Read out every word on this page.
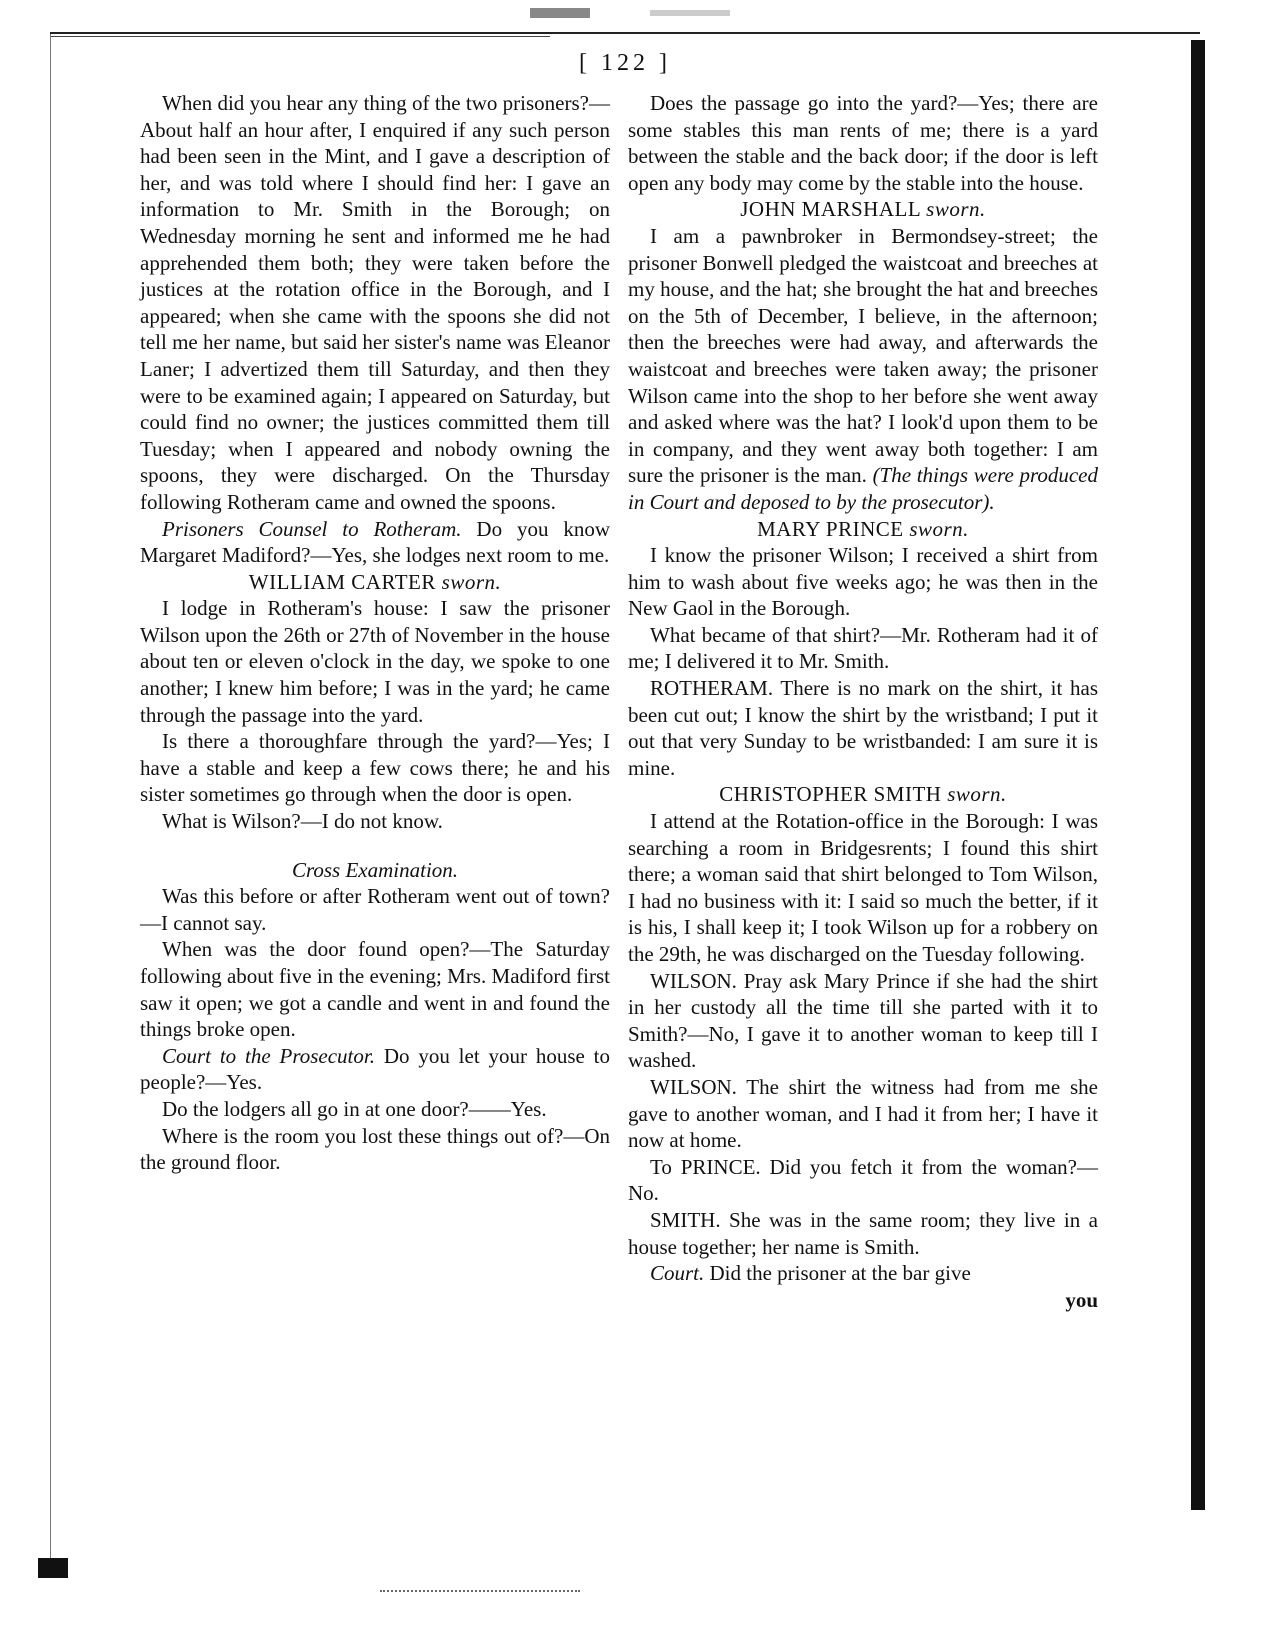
[ 122 ]

When did you hear any thing of the two prisoners?—About half an hour after, I enquired if any such person had been seen in the Mint, and I gave a description of her, and was told where I should find her: I gave an information to Mr. Smith in the Borough; on Wednesday morning he sent and informed me he had apprehended them both; they were taken before the justices at the rotation office in the Borough, and I appeared; when she came with the spoons she did not tell me her name, but said her sister's name was Eleanor Laner; I advertized them till Saturday, and then they were to be examined again; I appeared on Saturday, but could find no owner; the justices committed them till Tuesday; when I appeared and nobody owning the spoons, they were discharged. On the Thursday following Rotheram came and owned the spoons.

Prisoners Counsel to Rotheram. Do you know Margaret Madiford?—Yes, she lodges next room to me.

WILLIAM CARTER sworn.

I lodge in Rotheram's house: I saw the prisoner Wilson upon the 26th or 27th of November in the house about ten or eleven o'clock in the day, we spoke to one another; I knew him before; I was in the yard; he came through the passage into the yard.

Is there a thoroughfare through the yard?—Yes; I have a stable and keep a few cows there; he and his sister sometimes go through when the door is open.

What is Wilson?—I do not know.

Cross Examination.

Was this before or after Rotheram went out of town?—I cannot say.

When was the door found open?—The Saturday following about five in the evening; Mrs. Madiford first saw it open; we got a candle and went in and found the things broke open.

Court to the Prosecutor. Do you let your house to people?—Yes.

Do the lodgers all go in at one door?——Yes.

Where is the room you lost these things out of?—On the ground floor.

Does the passage go into the yard?—Yes; there are some stables this man rents of me; there is a yard between the stable and the back door; if the door is left open any body may come by the stable into the house.

JOHN MARSHALL sworn.

I am a pawnbroker in Bermondsey-street; the prisoner Bonwell pledged the waistcoat and breeches at my house, and the hat; she brought the hat and breeches on the 5th of December, I believe, in the afternoon; then the breeches were had away, and afterwards the waistcoat and breeches were taken away; the prisoner Wilson came into the shop to her before she went away and asked where was the hat? I look'd upon them to be in company, and they went away both together: I am sure the prisoner is the man. (The things were produced in Court and deposed to by the prosecutor).

MARY PRINCE sworn.

I know the prisoner Wilson; I received a shirt from him to wash about five weeks ago; he was then in the New Gaol in the Borough.

What became of that shirt?—Mr. Rotheram had it of me; I delivered it to Mr. Smith.

ROTHERAM. There is no mark on the shirt, it has been cut out; I know the shirt by the wristband; I put it out that very Sunday to be wristbanded: I am sure it is mine.

CHRISTOPHER SMITH sworn.

I attend at the Rotation-office in the Borough: I was searching a room in Bridgesrents; I found this shirt there; a woman said that shirt belonged to Tom Wilson, I had no business with it: I said so much the better, if it is his, I shall keep it; I took Wilson up for a robbery on the 29th, he was discharged on the Tuesday following.

WILSON. Pray ask Mary Prince if she had the shirt in her custody all the time till she parted with it to Smith?—No, I gave it to another woman to keep till I washed.

WILSON. The shirt the witness had from me she gave to another woman, and I had it from her; I have it now at home.

To PRINCE. Did you fetch it from the woman?—No.

SMITH. She was in the same room; they live in a house together; her name is Smith.

Court. Did the prisoner at the bar give

you
